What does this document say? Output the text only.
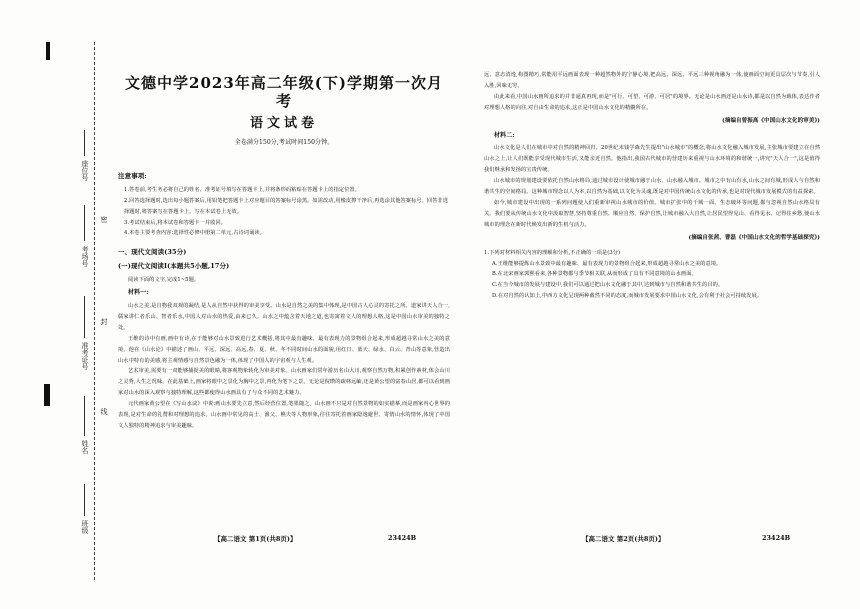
座位号
考场号
准考证号
姓名
班级
密
封
线
文德中学2023年高二年级(下)学期第一次月考
语文试卷
全卷满分150分,考试时间150分钟。
注意事项:
1.答卷前,考生务必将自己的姓名、准考证号填写在答题卡上,并将条形码粘贴在答题卡上的指定位置。
2.回答选择题时,选出每小题答案后,用铅笔把答题卡上对应题目的答案标号涂黑。如需改动,用橡皮擦干净后,再选涂其他答案标号。回答非选择题时,将答案写在答题卡上。写在本试卷上无效。
3.考试结束后,将本试卷和答题卡一并收回。
4.本卷主要考查内容:选择性必修中册第二单元,古诗词诵读。
一、现代文阅读(35分)
(一)现代文阅读Ⅰ(本题共5小题,17分)
阅读下面的文字,完成1~5题。
材料一:

山水之美,是自物我双观的凝结,是人从自然中获得的审美享受。山水是自然之美的集中体现,是中国古人心灵的寄托之所。道家讲天人合一,儒家讲仁者乐山、智者乐水,中国人对山水的热爱,由来已久。山水之中蕴含着天地之道,也寄寓着文人的理想人格,这是中国山水审美的独特之处。

王维的诗中有画,画中有诗,在于能够对山水景致进行艺术概括,将其中最有趣味、最有表现力的景物组合起来,形成超越寻常山水之美的意境。他在《山水论》中描述了画山、平远、深远、高远,春、夏、秋、冬不同时间山水的面貌,用红日、蓝天、绿水、白云、青山等意象,营造出山水中特有的美感,将主观情感与自然景色融为一体,体现了中国人的宇宙观与人生观。

艺术审美,需要有一双能够捕捉美的眼睛,将客观物象转化为审美对象。山水画家们常年游历名山大川,观察自然万物,积累创作素材,体会山川之灵秀,人生之况味。在此基础上,画家将眼中之景化为胸中之景,再化为笔下之景。无论是倪瓒的疏林远岫,还是黄公望的富春山居,都可以看到画家对山水的深入观察与独特理解,这些都使得山水画具有了与众不同的艺术魅力。

元代画家黄公望在《写山水诀》中说:画山水要先立意,然后经营位置,笔墨随之。山水画不只是对自然景物的如实描摹,而是画家内心世界的表现,是对生命的礼赞和对理想的追求。山水画中常见的高士、渔父、樵夫等人物形象,往往寄托着画家隐逸避世、寄情山水的情怀,体现了中国文人独特的精神追求与审美趣味。

【高二语文 第1页(共8页)】	23424B

远、意态清逸,构图精巧,常能用平远画面表现一种超然物外的宁静心境,把高远、深远、平远三种视角融为一体,使画面空间更具层次与节奏,引人入胜,回味无穷。

由此来看,中国山水画所追求的并非逼真再现,而是"可行、可望、可游、可居"的境界。无论是山水画还是山水诗,都是以自然为载体,表达作者对理想人格的向往,对自由生命的追求,这正是中国山水文化的精髓所在。

(摘编自曾振高《中国山水文化的审美》)
材料二:

山水文化是人们在城市中对自然的精神回归。20世纪末钱学森先生提出"山水城市"的概念,将山水文化融入城市发展,主张城市要建立在自然山水之上,让人们既能享受现代城市生活,又能亲近自然。他指出,我国古代城市的营建历来重视与山水环境的和谐统一,讲究"天人合一",这是值得我们继承和发扬的宝贵传统。

山水城市的规划建设要依托自然山水格局,通过城市设计使城市融于山水、山水融入城市。城市之中有山有水,山水之间有城,形成人与自然和谐共生的空间格局。这种城市理念以人为本,以自然为基础,以文化为灵魂,既是对中国传统山水文化的传承,也是对现代城市发展模式的有益探索。

如今,城市建设中出现的一系列问题使人们重新审视山水城市的价值。城市扩张中的千城一面、生态破坏等问题,都与忽视自然山水格局有关。我们要从传统山水文化中汲取智慧,坚持尊重自然、顺应自然、保护自然,让城市融入大自然,让居民望得见山、看得见水、记得住乡愁,使山水城市的理念在新时代焕发出新的生机与活力。

(摘编自张茜、曹磊《中国山水文化的哲学基础探究》)
1.下列对材料相关内容的理解和分析,不正确的一项是(3分)
A.王维能够提炼山水景致中最有趣味、最有表现力的景物组合起来,形成超越寻常山水之美的意境。
B.在北宋画家郭熙看来,各种景物都与季节相关联,从而形成了具有不同意境的山水画面。
C.在当今城市的发展与建设中,我们可以通过把山水文化融于其中,达到城市与自然和谐共生的目的。
D.在对自然的认知上,中西方文化呈现两种截然不同的态度,而城市发展要求中国山水文化,会有利于社会可持续发展。
【高二语文 第2页(共8页)】	23424B
